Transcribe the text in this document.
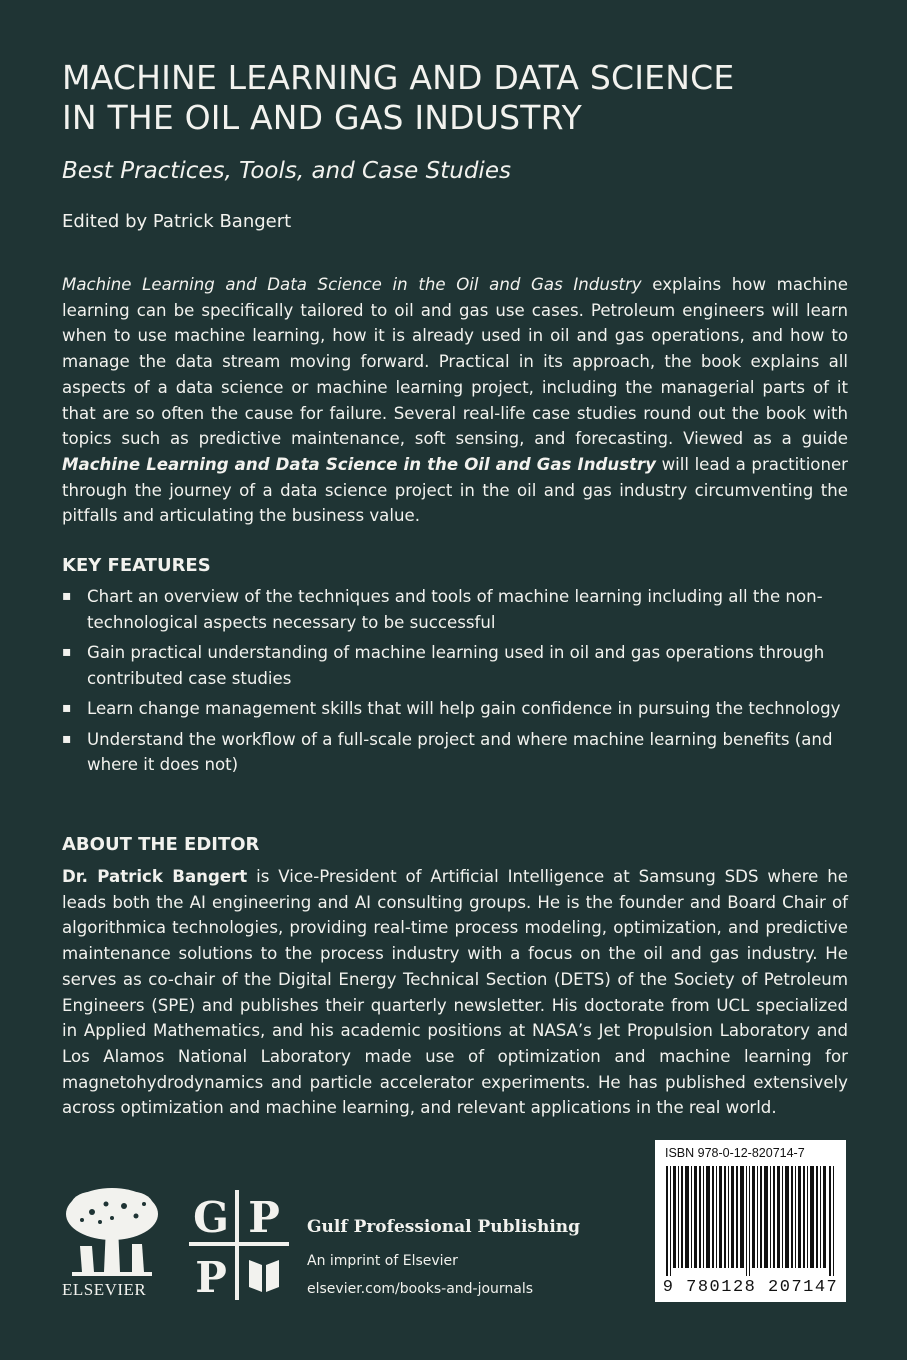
MACHINE LEARNING AND DATA SCIENCE
IN THE OIL AND GAS INDUSTRY

Best Practices, Tools, and Case Studies

Edited by Patrick Bangert

Machine Learning and Data Science in the Oil and Gas Industry explains how machine learning can be specifically tailored to oil and gas use cases. Petroleum engineers will learn when to use machine learning, how it is already used in oil and gas operations, and how to manage the data stream moving forward. Practical in its approach, the book explains all aspects of a data science or machine learning project, including the managerial parts of it that are so often the cause for failure. Several real-life case studies round out the book with topics such as predictive maintenance, soft sensing, and forecasting. Viewed as a guide Machine Learning and Data Science in the Oil and Gas Industry will lead a practitioner through the journey of a data science project in the oil and gas industry circumventing the pitfalls and articulating the business value.

KEY FEATURES
▪ Chart an overview of the techniques and tools of machine learning including all the non-technological aspects necessary to be successful
▪ Gain practical understanding of machine learning used in oil and gas operations through contributed case studies
▪ Learn change management skills that will help gain confidence in pursuing the technology
▪ Understand the workflow of a full-scale project and where machine learning benefits (and where it does not)
ABOUT THE EDITOR

Dr. Patrick Bangert is Vice-President of Artificial Intelligence at Samsung SDS where he leads both the AI engineering and AI consulting groups. He is the founder and Board Chair of algorithmica technologies, providing real-time process modeling, optimization, and predictive maintenance solutions to the process industry with a focus on the oil and gas industry. He serves as co-chair of the Digital Energy Technical Section (DETS) of the Society of Petroleum Engineers (SPE) and publishes their quarterly newsletter. His doctorate from UCL specialized in Applied Mathematics, and his academic positions at NASA’s Jet Propulsion Laboratory and Los Alamos National Laboratory made use of optimization and machine learning for magnetohydrodynamics and particle accelerator experiments. He has published extensively across optimization and machine learning, and relevant applications in the real world.

ISBN 978-0-12-820714-7
9 780128 207147
ELSEVIER
G P
P
Gulf Professional Publishing
An imprint of Elsevier
elsevier.com/books-and-journals
